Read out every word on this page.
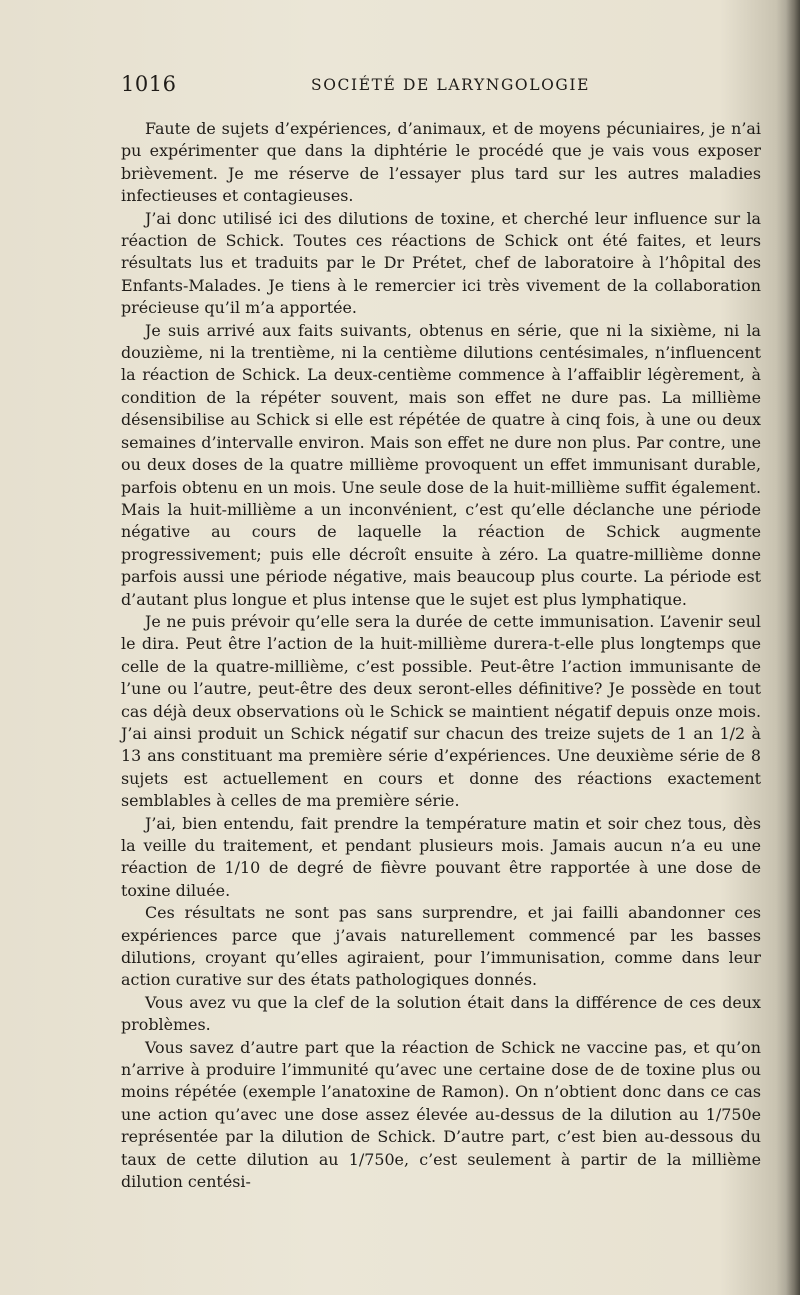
1016	SOCIÉTÉ DE LARYNGOLOGIE

Faute de sujets d’expériences, d’animaux, et de moyens pécuniaires, je n’ai pu expérimenter que dans la diphtérie le procédé que je vais vous exposer brièvement. Je me réserve de l’essayer plus tard sur les autres maladies infectieuses et contagieuses.

J’ai donc utilisé ici des dilutions de toxine, et cherché leur influence sur la réaction de Schick. Toutes ces réactions de Schick ont été faites, et leurs résultats lus et traduits par le Dr Prétet, chef de laboratoire à l’hôpital des Enfants-Malades. Je tiens à le remercier ici très vivement de la collaboration précieuse qu’il m’a apportée.

Je suis arrivé aux faits suivants, obtenus en série, que ni la sixième, ni la douzième, ni la trentième, ni la centième dilutions centésimales, n’influencent la réaction de Schick. La deux-centième commence à l’affaiblir légèrement, à condition de la répéter souvent, mais son effet ne dure pas. La millième désensibilise au Schick si elle est répétée de quatre à cinq fois, à une ou deux semaines d’intervalle environ. Mais son effet ne dure non plus. Par contre, une ou deux doses de la quatre millième provoquent un effet immunisant durable, parfois obtenu en un mois. Une seule dose de la huit-millième suffit également. Mais la huit-millième a un inconvénient, c’est qu’elle déclanche une période négative au cours de laquelle la réaction de Schick augmente progressivement; puis elle décroît ensuite à zéro. La quatre-millième donne parfois aussi une période négative, mais beaucoup plus courte. La période est d’autant plus longue et plus intense que le sujet est plus lymphatique.

Je ne puis prévoir qu’elle sera la durée de cette immunisation. L’avenir seul le dira. Peut être l’action de la huit-millième durera-t-elle plus longtemps que celle de la quatre-millième, c’est possible. Peut-être l’action immunisante de l’une ou l’autre, peut-être des deux seront-elles définitive? Je possède en tout cas déjà deux observations où le Schick se maintient négatif depuis onze mois. J’ai ainsi produit un Schick négatif sur chacun des treize sujets de 1 an 1/2 à 13 ans constituant ma première série d’expériences. Une deuxième série de 8 sujets est actuellement en cours et donne des réactions exactement semblables à celles de ma première série.

J’ai, bien entendu, fait prendre la température matin et soir chez tous, dès la veille du traitement, et pendant plusieurs mois. Jamais aucun n’a eu une réaction de 1/10 de degré de fièvre pouvant être rapportée à une dose de toxine diluée.

Ces résultats ne sont pas sans surprendre, et jai failli abandonner ces expériences parce que j’avais naturellement commencé par les basses dilutions, croyant qu’elles agiraient, pour l’immunisation, comme dans leur action curative sur des états pathologiques donnés.

Vous avez vu que la clef de la solution était dans la différence de ces deux problèmes.

Vous savez d’autre part que la réaction de Schick ne vaccine pas, et qu’on n’arrive à produire l’immunité qu’avec une certaine dose de de toxine plus ou moins répétée (exemple l’anatoxine de Ramon). On n’obtient donc dans ce cas une action qu’avec une dose assez élevée au-dessus de la dilution au 1/750e représentée par la dilution de Schick. D’autre part, c’est bien au-dessous du taux de cette dilution au 1/750e, c’est seulement à partir de la millième dilution centési-
